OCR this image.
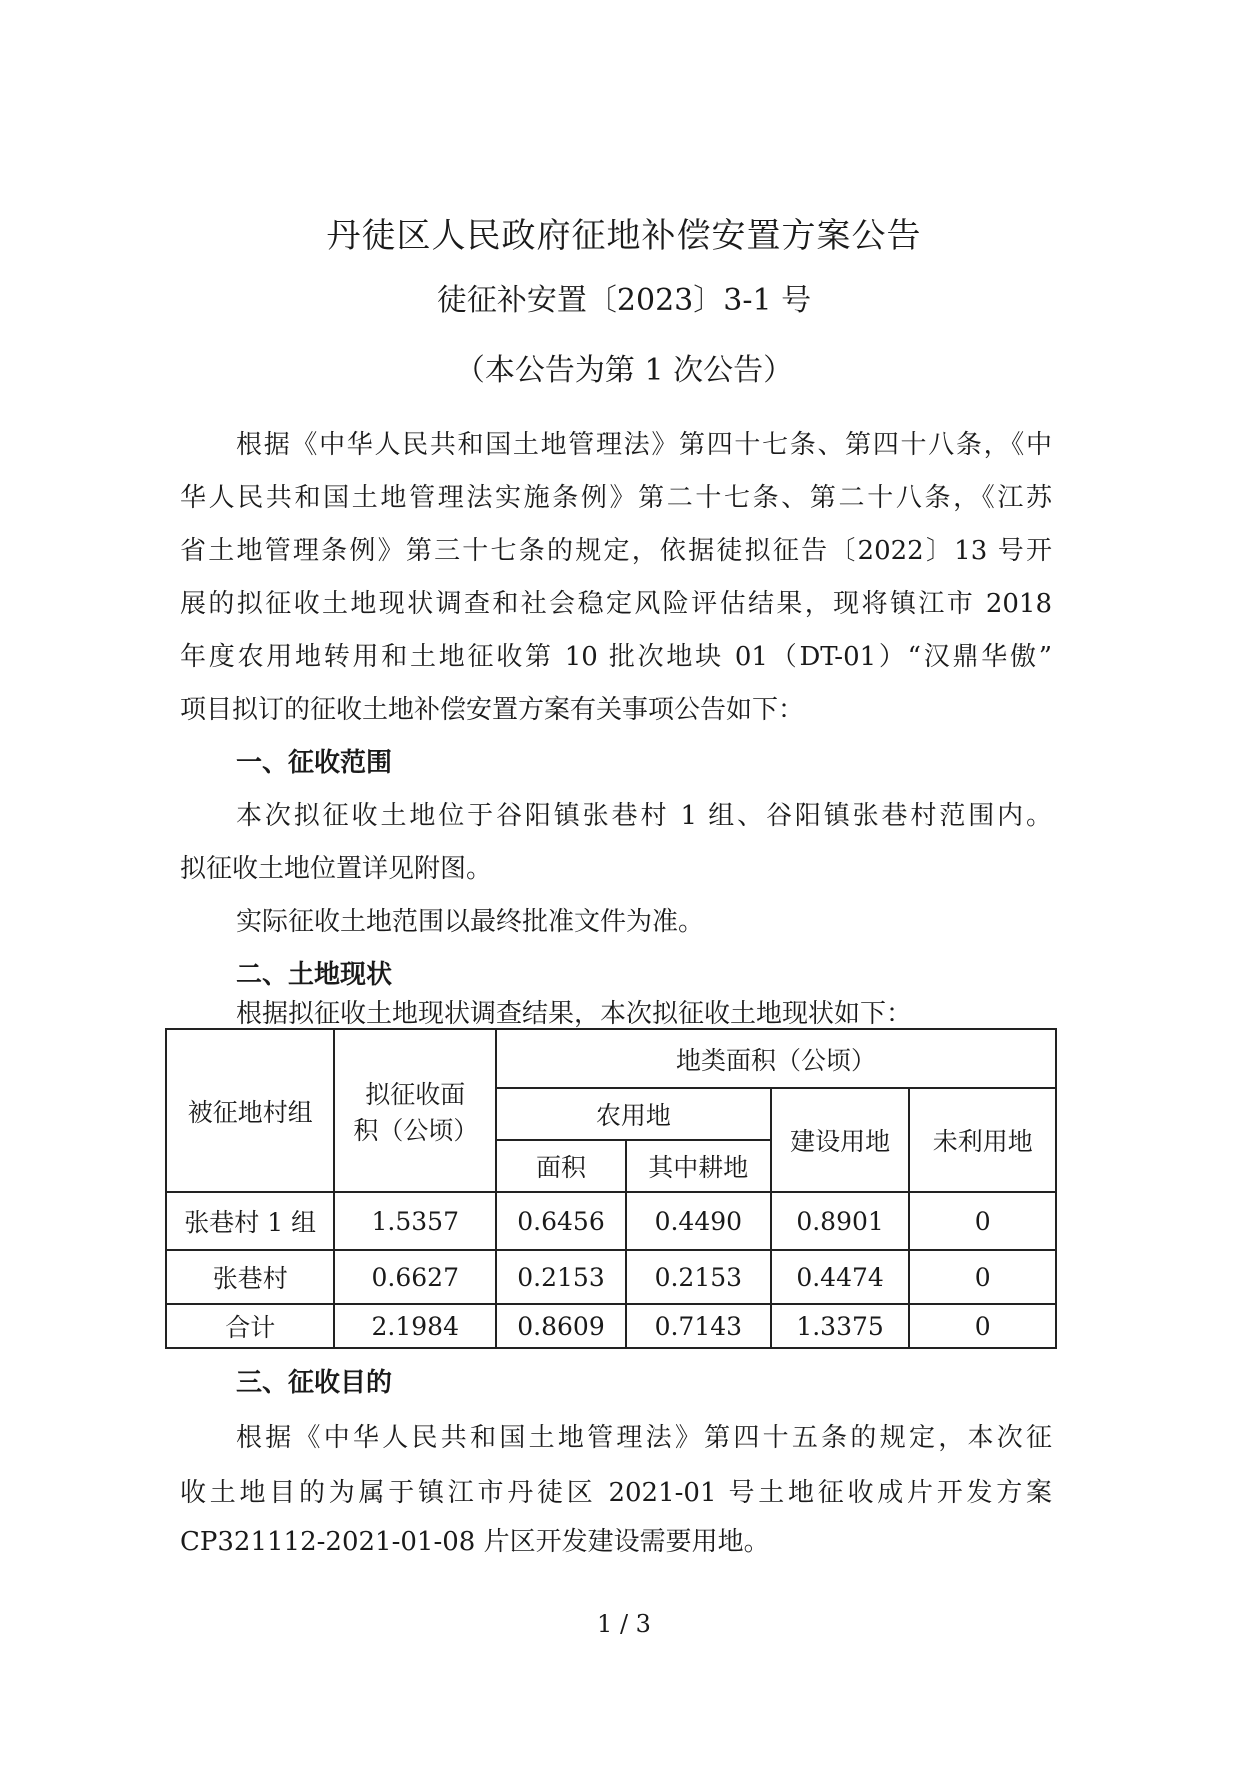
丹徒区人民政府征地补偿安置方案公告
徒征补安置〔2023〕3-1 号
（本公告为第 1 次公告）
根据《中华人民共和国土地管理法》第四十七条、第四十八条，《中
华人民共和国土地管理法实施条例》第二十七条、第二十八条，《江苏
省土地管理条例》第三十七条的规定，依据徒拟征告〔2022〕13 号开
展的拟征收土地现状调查和社会稳定风险评估结果，现将镇江市 2018
年度农用地转用和土地征收第 10 批次地块 01（DT-01）“汉鼎华傲”
项目拟订的征收土地补偿安置方案有关事项公告如下：
一、征收范围
本次拟征收土地位于谷阳镇张巷村 1 组、谷阳镇张巷村范围内。
拟征收土地位置详见附图。
实际征收土地范围以最终批准文件为准。
二、土地现状
根据拟征收土地现状调查结果，本次拟征收土地现状如下：
被征地村组	拟征收面积（公顷）	地类面积（公顷）			
		农用地		建设用地	未利用地
		面积	其中耕地		
张巷村 1 组	1.5357	0.6456	0.4490	0.8901	0
张巷村	0.6627	0.2153	0.2153	0.4474	0
合计	2.1984	0.8609	0.7143	1.3375	0
三、征收目的
根据《中华人民共和国土地管理法》第四十五条的规定，本次征
收土地目的为属于镇江市丹徒区 2021-01 号土地征收成片开发方案
CP321112-2021-01-08 片区开发建设需要用地。
1 / 3
